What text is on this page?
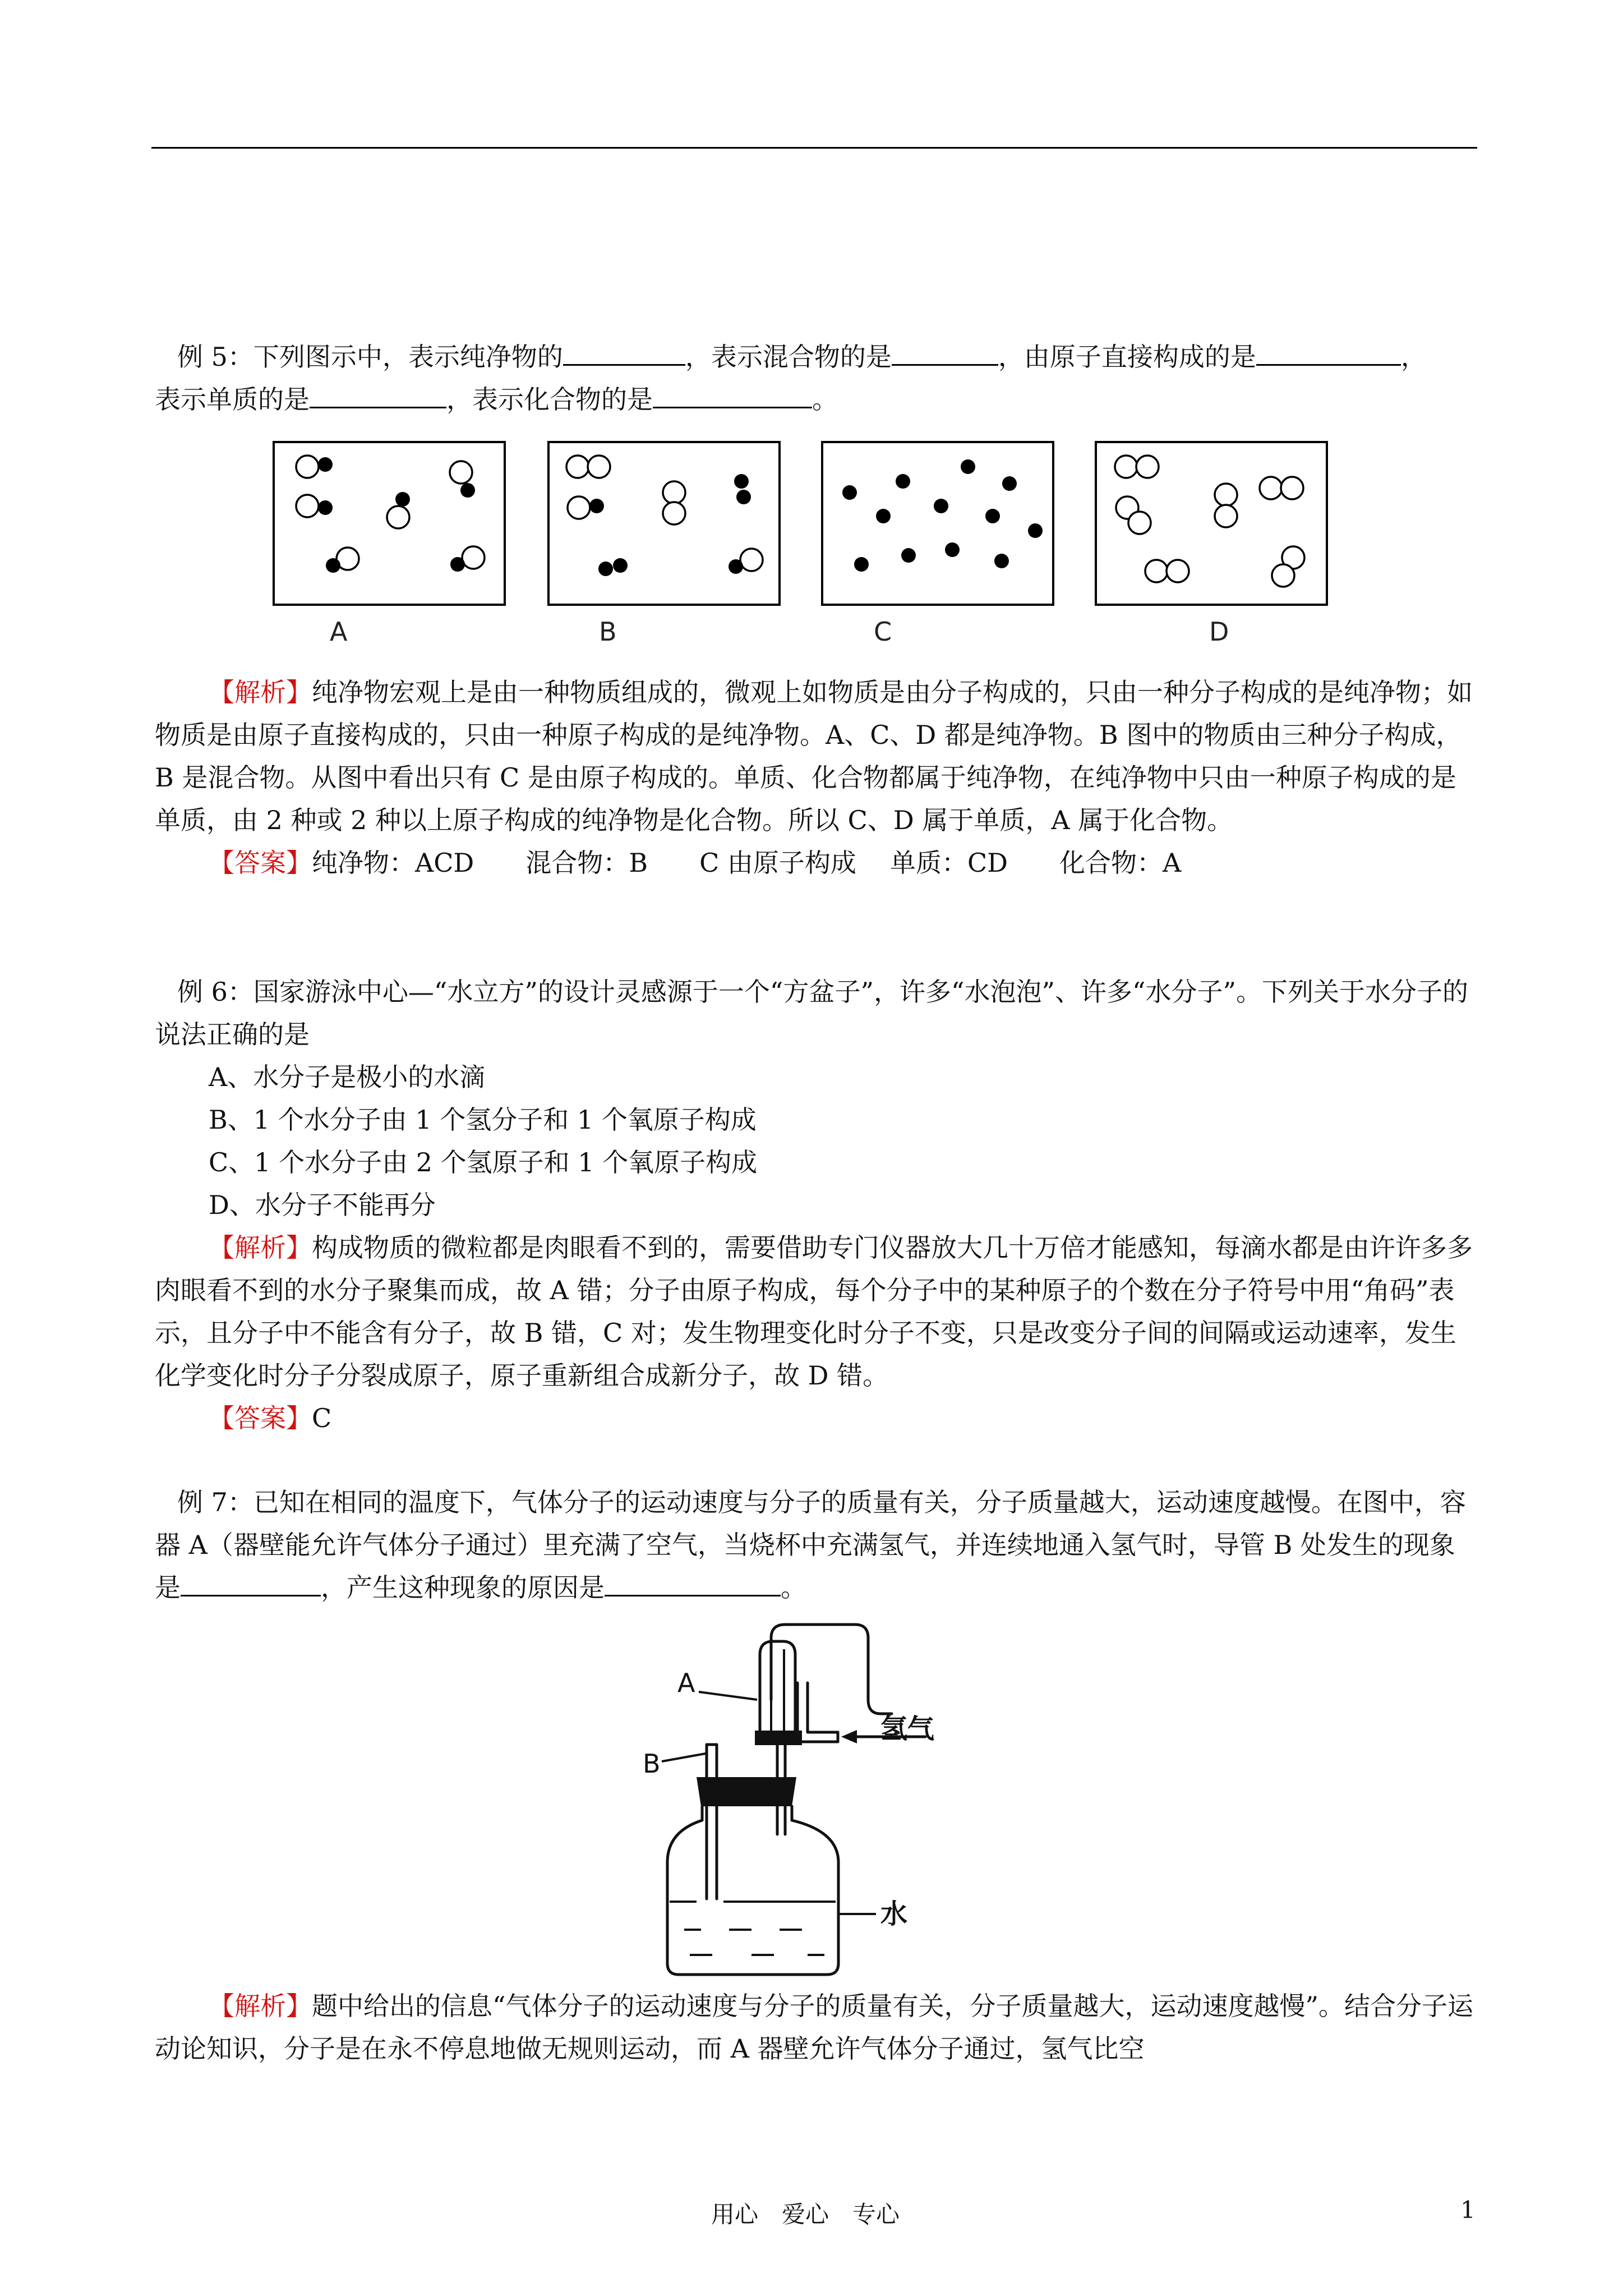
例 5：下列图示中，表示纯净物的	，表示混合物的是	，由原子直接构成的是	，

表示单质的是	，表示化合物的是	。

A	B	C	D

【解析】纯净物宏观上是由一种物质组成的，微观上如物质是由分子构成的，只由一种分子构成的是纯净物；如物质是由原子直接构成的，只由一种原子构成的是纯净物。A、C、D 都是纯净物。B 图中的物质由三种分子构成，B 是混合物。从图中看出只有 C 是由原子构成的。单质、化合物都属于纯净物，在纯净物中只由一种原子构成的是单质，由 2 种或 2 种以上原子构成的纯净物是化合物。所以 C、D 属于单质，A 属于化合物。

【答案】纯净物：ACD 混合物：B C 由原子构成 单质：CD 化合物：A

例 6：国家游泳中心—“水立方”的设计灵感源于一个“方盆子”，许多“水泡泡”、许多“水分子”。下列关于水分子的说法正确的是

A、水分子是极小的水滴

B、1 个水分子由 1 个氢分子和 1 个氧原子构成

C、1 个水分子由 2 个氢原子和 1 个氧原子构成

D、水分子不能再分

【解析】构成物质的微粒都是肉眼看不到的，需要借助专门仪器放大几十万倍才能感知，每滴水都是由许许多多肉眼看不到的水分子聚集而成，故 A 错；分子由原子构成，每个分子中的某种原子的个数在分子符号中用“角码”表示，且分子中不能含有分子，故 B 错，C 对；发生物理变化时分子不变，只是改变分子间的间隔或运动速率，发生化学变化时分子分裂成原子，原子重新组合成新分子，故 D 错。

【答案】C

例 7：已知在相同的温度下，气体分子的运动速度与分子的质量有关，分子质量越大，运动速度越慢。在图中，容器 A（器壁能允许气体分子通过）里充满了空气，当烧杯中充满氢气，并连续地通入氢气时，导管 B 处发生的现象是	，产生这种现象的原因是	。

A
B
氢气
水

【解析】题中给出的信息“气体分子的运动速度与分子的质量有关，分子质量越大，运动速度越慢”。结合分子运动论知识，分子是在永不停息地做无规则运动，而 A 器壁允许气体分子通过，氢气比空

用心　爱心　专心	1
